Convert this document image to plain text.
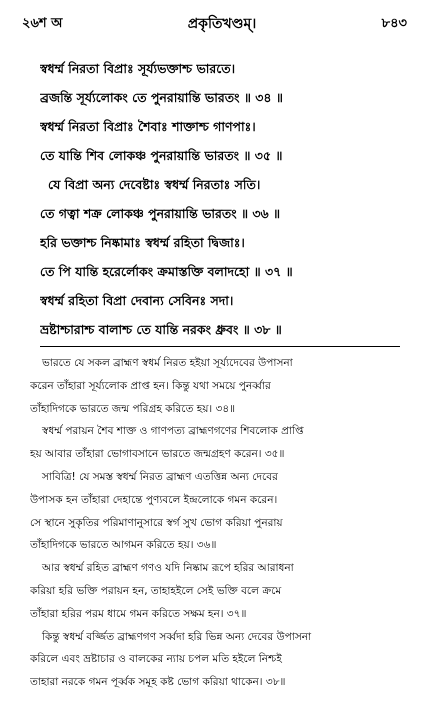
২৬শ অ	প্রকৃতিখণ্ডম্।	৮৪৩
স্বধর্ম্ম নিরতা বিপ্রাঃ সূর্য্যভক্তাশ্চ ভারতে।
ব্রজন্তি সূর্য্যলোকং তে পুনরায়ান্তি ভারতং ॥ ৩৪ ॥
স্বধর্ম্ম নিরতা বিপ্রাঃ শৈবাঃ শাক্তাশ্চ গাণপাঃ।
তে যান্তি শিব লোকঞ্চ পুনরায়ান্তি ভারতং ॥ ৩৫ ॥
যে বিপ্রা অন্য দেবেষ্টাঃ স্বধর্ম্ম নিরতাঃ সতি।
তে গত্বা শক্র লোকঞ্চ পুনরায়ান্তি ভারতং ॥ ৩৬ ॥
হরি ভক্তাশ্চ নিষ্কামাঃ স্বধর্ম্ম রহিতা দ্বিজাঃ।
তে পি যান্তি হরের্লোকং ক্রমাস্তক্তি বলাদহো ॥ ৩৭ ॥
স্বধর্ম্ম রহিতা বিপ্রা দেবান্য সেবিনঃ সদা।
ভ্রষ্টাশ্চারাশ্চ বালাশ্চ তে যান্তি নরকং ধ্রুবং ॥ ৩৮ ॥
ভারতে যে সকল ব্রাহ্মণ স্বধর্ম নিরত হইয়া সূর্য্যদেবের উপাসনা
করেন তাঁহারা সূর্য্যলোক প্রাপ্ত হন। কিন্তু যথা সময়ে পুনর্ব্বার
তাঁহাদিগকে ভারতে জন্ম পরিগ্রহ করিতে হয়। ৩৪॥
স্বধর্ম্ম পরায়ন শৈব শাক্ত ও গাণপত্য ব্রাহ্মণগণের শিবলোক প্রাপ্তি
হয় আবার তাঁহারা ভোগাবসানে ভারতে জন্মগ্রহণ করেন। ৩৫॥
সাবিত্রি! যে সমস্ত স্বধর্ম্ম নিরত ব্রাহ্মণ এতত্তিন্ন অন্য দেবের
উপাসক হন তাঁহারা দেহান্তে পুণ্যবলে ইন্দ্রলোকে গমন করেন।
সে স্থানে সুকৃতির পরিমাণানুসারে স্বর্গ সুখ ভোগ করিয়া পুনরায়
তাঁহাদিগকে ভারতে আগমন করিতে হয়। ৩৬॥
আর স্বধর্ম্ম রহিত ব্রাহ্মণ গণও যদি নিষ্কাম রূপে হরির আরাধনা
করিয়া হরি ভক্তি পরায়ন হন, তাহাহইলে সেই ভক্তি বলে ক্রমে
তাঁহারা হরির পরম ধামে গমন করিতে সক্ষম হন। ৩৭॥
কিন্তু স্বধর্ম্ম বর্জ্জিত ব্রাহ্মণগণ সর্ব্বদা হরি ভিন্ন অন্য দেবের উপাসনা
করিলে এবং ভ্রষ্টাচার ও বালকের ন্যায় চপল মতি হইলে নিশ্চই
তাহারা নরকে গমন পূর্ব্বক সমূহ কষ্ট ভোগ করিয়া থাকেন। ৩৮॥
